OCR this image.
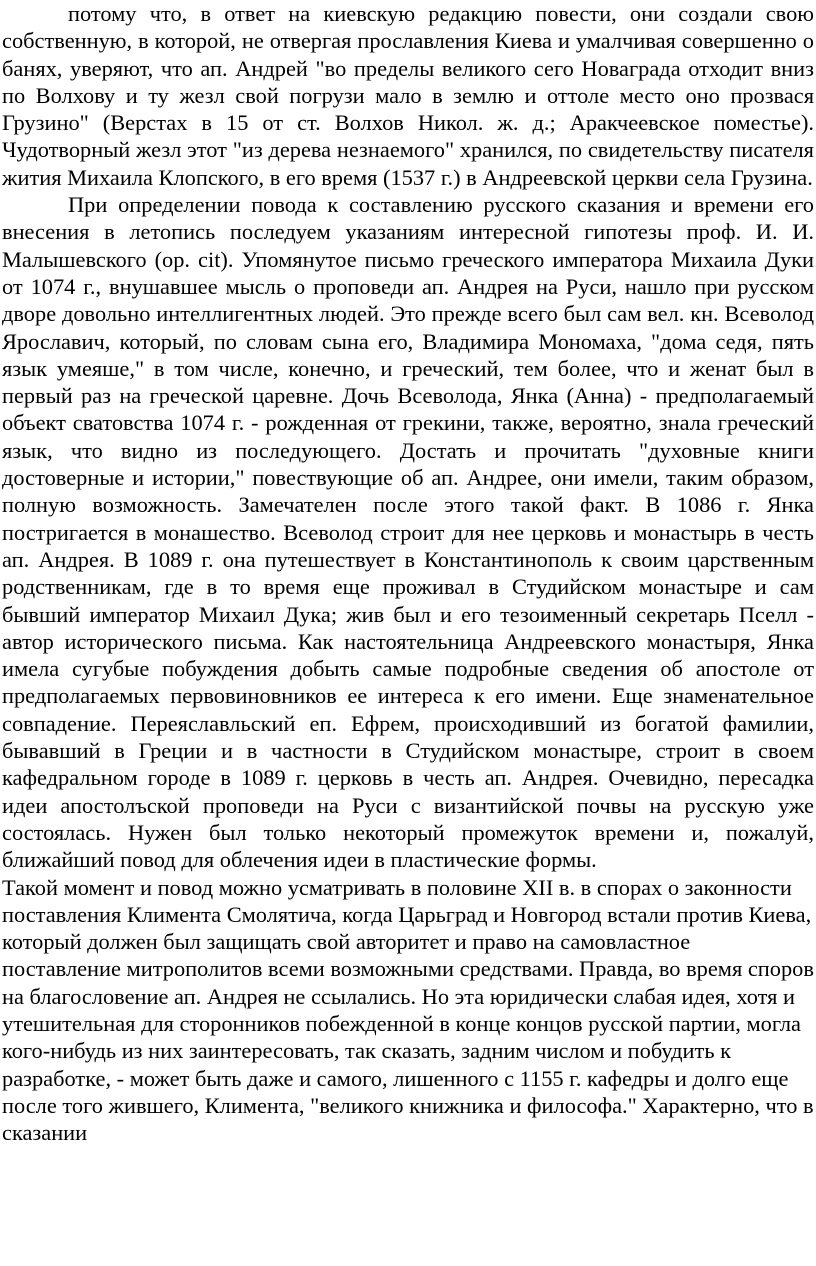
потому что, в ответ на киевскую редакцию повести, они создали свою собственную, в которой, не отвергая прославления Киева и умалчивая совершенно о банях, уверяют, что ап. Андрей "во пределы великого сего Новаграда отходит вниз по Волхову и ту жезл свой погрузи мало в землю и оттоле место оно прозвася Грузино" (Верстах в 15 от ст. Волхов Никол. ж. д.; Аракчеевское поместье). Чудотворный жезл этот "из дерева незнаемого" хранился, по свидетельству писателя жития Михаила Клопского, в его время (1537 г.) в Андреевской церкви села Грузина.

При определении повода к составлению русского сказания и времени его внесения в летопись последуем указаниям интересной гипотезы проф. И. И. Малышевского (op. cit). Упомянутое письмо греческого императора Михаила Дуки от 1074 г., внушавшее мысль о проповеди ап. Андрея на Руси, нашло при русском дворе довольно интеллигентных людей. Это прежде всего был сам вел. кн. Всеволод Ярославич, который, по словам сына его, Владимира Мономаха, "дома седя, пять язык умеяше," в том числе, конечно, и греческий, тем более, что и женат был в первый раз на греческой царевне. Дочь Всеволода, Янка (Анна) - предполагаемый объект сватовства 1074 г. - рожденная от грекини, также, вероятно, знала греческий язык, что видно из последующего. Достать и прочитать "духовные книги достоверные и истории," повествующие об ап. Андрее, они имели, таким образом, полную возможность. Замечателен после этого такой факт. В 1086 г. Янка постригается в монашество. Всеволод строит для нее церковь и монастырь в честь ап. Андрея. В 1089 г. она путешествует в Константинополь к своим царственным родственникам, где в то время еще проживал в Студийском монастыре и сам бывший император Михаил Дука; жив был и его тезоименный секретарь Пселл - автор исторического письма. Как настоятельница Андреевского монастыря, Янка имела сугубые побуждения добыть самые подробные сведения об апостоле от предполагаемых первовиновников ее интереса к его имени. Еще знаменательное совпадение. Переяславльский еп. Ефрем, происходивший из богатой фамилии, бывавший в Греции и в частности в Студийском монастыре, строит в своем кафедральном городе в 1089 г. церковь в честь ап. Андрея. Очевидно, пересадка идеи апостолъской проповеди на Руси с византийской почвы на русскую уже состоялась. Нужен был только некоторый промежуток времени и, пожалуй, ближайший повод для облечения идеи в пластические формы.

Такой момент и повод можно усматривать в половине XII в. в спорах о законности поставления Климента Смолятича, когда Царьград и Новгород встали против Киева, который должен был защищать свой авторитет и право на самовластное поставление митрополитов всеми возможными средствами. Правда, во время споров на благословение ап. Андрея не ссылались. Но эта юридически слабая идея, хотя и утешительная для сторонников побежденной в конце концов русской партии, могла кого-нибудь из них заинтересовать, так сказать, задним числом и побудить к разработке, - может быть даже и самого, лишенного с 1155 г. кафедры и долго еще после того жившего, Климента, "великого книжника и философа." Характерно, что в сказании
